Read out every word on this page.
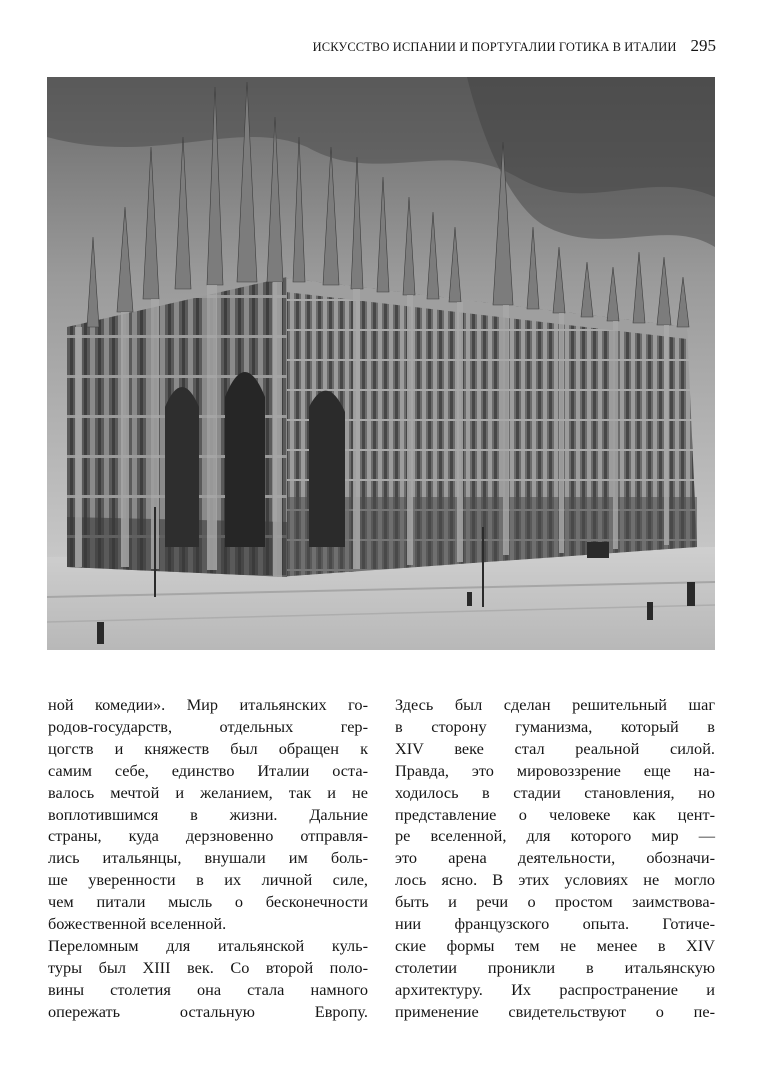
ИСКУССТВО ИСПАНИИ И ПОРТУГАЛИИ ГОТИКА В ИТАЛИИ 295
ной комедии». Мир итальянских го-
родов-государств, отдельных гер-
цогств и княжеств был обращен к
самим себе, единство Италии оста-
валось мечтой и желанием, так и не
воплотившимся в жизни. Дальние
страны, куда дерзновенно отправля-
лись итальянцы, внушали им боль-
ше уверенности в их личной силе,
чем питали мысль о бесконечности
божественной вселенной.
Переломным для итальянской куль-
туры был XIII век. Со второй поло-
вины столетия она стала намного
опережать остальную Европу.
Здесь был сделан решительный шаг
в сторону гуманизма, который в
XIV веке стал реальной силой.
Правда, это мировоззрение еще на-
ходилось в стадии становления, но
представление о человеке как цент-
ре вселенной, для которого мир —
это арена деятельности, обозначи-
лось ясно. В этих условиях не могло
быть и речи о простом заимствова-
нии французского опыта. Готиче-
ские формы тем не менее в XIV
столетии проникли в итальянскую
архитектуру. Их распространение и
применение свидетельствуют о пе-
